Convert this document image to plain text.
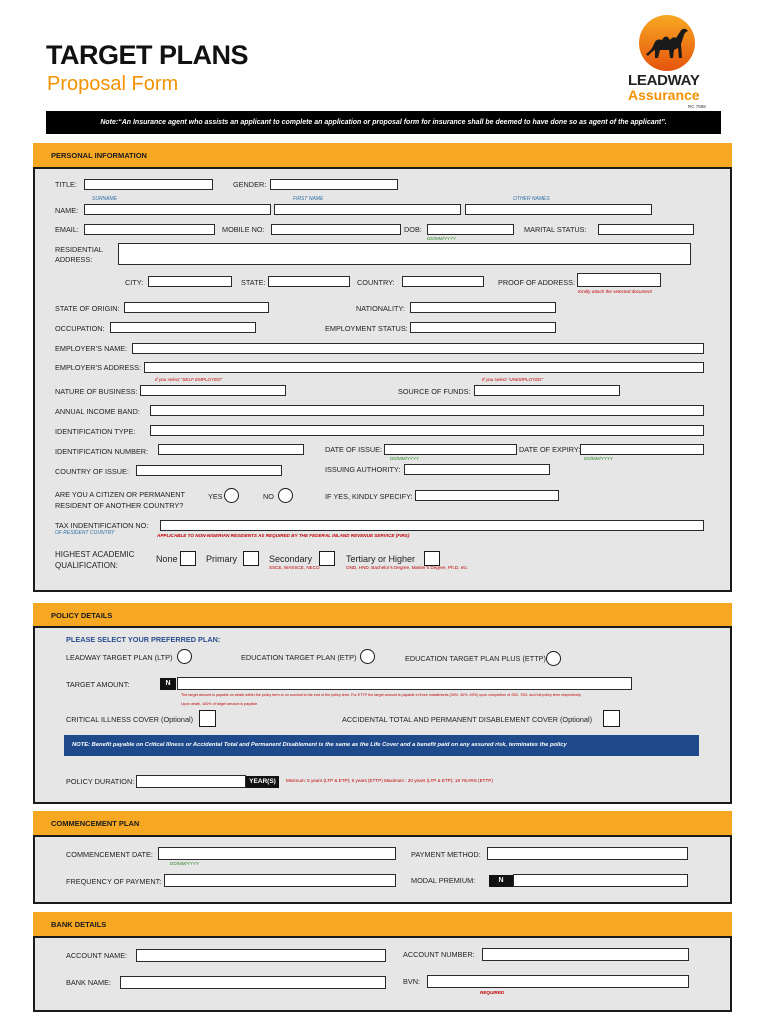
TARGET PLANS
Proposal Form	LEADWAY
Assurance
RC 7588
Note:“An Insurance agent who assists an applicant to complete an application or proposal form for insurance shall be deemed to have done so as agent of the applicant”.
PERSONAL INFORMATION
TITLE:	GENDER:
SURNAME	FIRST NAME	OTHER NAMES
NAME:
EMAIL:	MOBILE NO:	DOB:
DD/MM/YYYY
MARITAL STATUS:
RESIDENTIAL
ADDRESS:
CITY:	STATE:	COUNTRY:	PROOF OF ADDRESS:
Kindly attach the selected document
STATE OF ORIGIN:	NATIONALITY:
OCCUPATION:	EMPLOYMENT STATUS:
EMPLOYER’S NAME:
EMPLOYER’S ADDRESS:
If you select “SELF EMPLOYED”	If you select “UNEMPLOYED”
NATURE OF BUSINESS:	SOURCE OF FUNDS:
ANNUAL INCOME BAND:
IDENTIFICATION TYPE:
IDENTIFICATION NUMBER:	DATE OF ISSUE:
DD/MM/YYYY
DATE OF EXPIRY:
DD/MM/YYYY
COUNTRY OF ISSUE:	ISSUING AUTHORITY:
ARE YOU A CITIZEN OR PERMANENT
RESIDENT OF ANOTHER COUNTRY?
YES	NO	IF YES, KINDLY SPECIFY:
TAX INDENTIFICATION NO:
OF RESIDENT COUNTRY	APPLICABLE TO NON-NIGERIAN RESIDENTS AS REQUIRED BY THE FEDERAL INLAND REVENUE SERVICE (FIRS)
HIGHEST ACADEMIC
QUALIFICATION:
None	Primary	Secondary
SSCE, WASSCE, NECO
Tertiary or Higher
OND, HND, Bachelor’s Degree, Master’s Degree, Ph.D, etc.
POLICY DETAILS
PLEASE SELECT YOUR PREFERRED PLAN:
LEADWAY TARGET PLAN (LTP)	EDUCATION TARGET PLAN (ETP)	EDUCATION TARGET PLAN PLUS (ETTP)
TARGET AMOUNT:	N
The target amount is payable on death within the policy term or on survival to the end of the policy term. For ETTP the target amount is payable in three installments (30%, 30%, 40%) upon completion of SS2, SS3, and full policy term respectively.
Upon death, 100% of target amount is payable.
CRITICAL ILLNESS COVER (Optional)	ACCIDENTAL TOTAL AND PERMANENT DISABLEMENT COVER (Optional)
NOTE: Benefit payable on Critical Illness or Accidental Total and Permanent Disablement is the same as the Life Cover and a benefit paid on any assured risk, terminates the policy
POLICY DURATION:	YEAR(S)	Minimum: 5 years (LTP & ETP); 6 years (ETTP) Maximum : 20 years (LTP & ETP); 18 YEARS (ETTP)
COMMENCEMENT PLAN
COMMENCEMENT DATE:
DD/MM/YYYY
PAYMENT METHOD:
FREQUENCY OF PAYMENT:	MODAL PREMIUM:	N
BANK DETAILS
ACCOUNT NAME:	ACCOUNT NUMBER:
BANK NAME:	BVN:
REQUIRED
